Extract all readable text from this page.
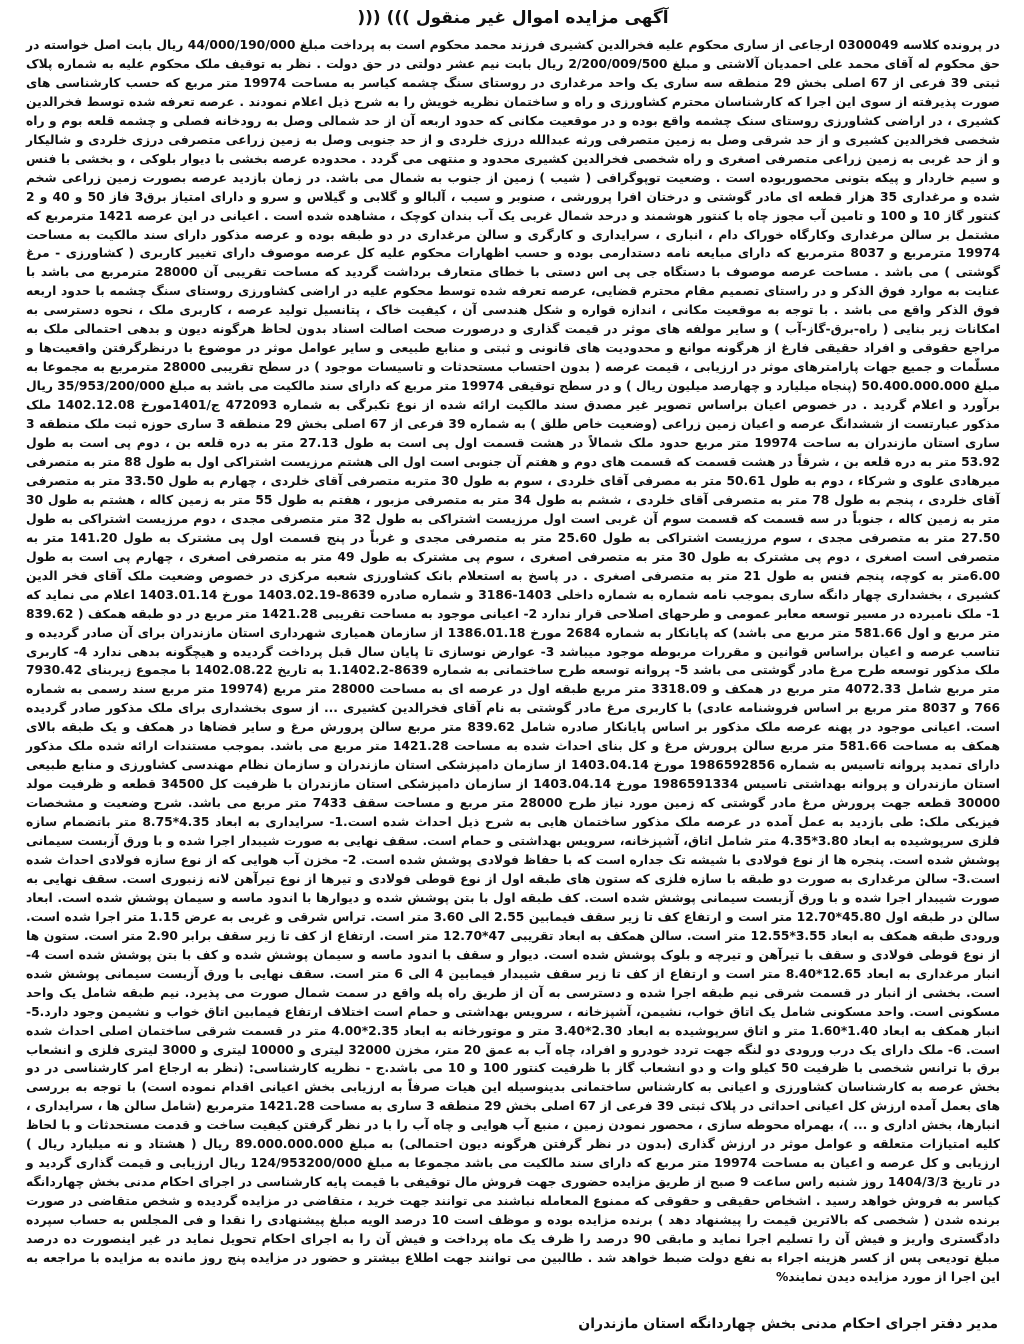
آگهی مزایده اموال غیر منقول ))) (((

در پرونده کلاسه 0300049 ارجاعی از ساری محکوم علیه فخرالدین کشیری فرزند محمد محکوم است به پرداخت مبلغ 44/000/190/000 ریال بابت اصل خواسته در حق محکوم له آقای محمد علی احمدیان آلاشتی و مبلغ 2/200/009/500 ریال بابت نیم عشر دولتی در حق دولت . نظر به توقیف ملک محکوم علیه به شماره پلاک ثبتی 39 فرعی از 67 اصلی بخش 29 منطقه سه ساری یک واحد مرغداری در روستای سنگ چشمه کیاسر به مساحت 19974 متر مربع که حسب کارشناسی های صورت پذیرفته از سوی این اجرا که کارشناسان محترم کشاورزی و راه و ساختمان نظریه خویش را به شرح ذیل اعلام نمودند . عرصه تعرفه شده توسط فخرالدین کشیری ، در اراضی کشاورزی روستای سنک چشمه واقع بوده و در موقعیت مکانی که حدود اربعه آن از حد شمالی وصل به رودخانه فصلی و چشمه قلعه بوم و راه شخصی فخرالدین کشیری و از حد شرقی وصل به زمین متصرفی ورثه عبدالله درزی خلردی و از حد جنوبی وصل به زمین زراعی متصرفی درزی خلردی و شالیکار و از حد غربی به زمین زراعی متصرفی اصغری و راه شخصی فخرالدین کشیری محدود و منتهی می گردد . محدوده عرصه بخشی با دیوار بلوکی ، و بخشی با فنس و سیم خاردار و پیکه بتونی محصوربوده است . وضعیت توپوگرافی ( شیب ) زمین از جنوب به شمال می باشد. در زمان بازدید عرصه بصورت زمین زراعی شخم شده و مرغداری 35 هزار قطعه ای مادر گوشتی و درختان افرا پرورشی ، صنوبر و سیب ، آلبالو و گلابی و گیلاس و سرو و دارای امتیاز برق3 فاز 50 و 40 و 2 کنتور گاز 10 و 100 و تامین آب مجوز چاه با کنتور هوشمند و درحد شمال غربی یک آب بندان کوچک ، مشاهده شده است . اعیانی در این عرصه 1421 مترمربع که مشتمل بر سالن مرغداری وکارگاه خوراک دام ، انباری ، سرایداری و کارگری و سالن مرغداری در دو طبقه بوده و عرصه مذکور دارای سند مالکیت به مساحت 19974 مترمربع و 8037 مترمربع که دارای مبایعه نامه دستدارمی بوده و حسب اظهارات محکوم علیه کل عرصه موصوف دارای تغییر کاربری ( کشاورزی - مرغ گوشتی ) می باشد . مساحت عرصه موصوف با دستگاه جی پی اس دستی با خطای متعارف برداشت گردید که مساحت تقریبی آن 28000 مترمربع می باشد با عنایت به موارد فوق الذکر و در راستای تصمیم مقام محترم قضایی، عرصه تعرفه شده توسط محکوم علیه در اراضی کشاورزی روستای سنگ چشمه با حدود اربعه فوق الذکر واقع می باشد . با توجه به موقعیت مکانی ، اندازه قواره و شکل هندسی آن ، کیفیت خاک ، پتانسیل تولید عرصه ، کاربری ملک ، نحوه دسترسی به امکانات زیر بنایی ( راه-برق-گاز-آب ) و سایر مولفه های موثر در قیمت گذاری و درصورت صحت اصالت اسناد بدون لحاظ هرگونه دیون و بدهی احتمالی ملک به مراجع حقوقی و افراد حقیقی فارغ از هرگونه موانع و محدودیت های قانونی و ثبتی و منابع طبیعی و سایر عوامل موثر در موضوع با درنظرگرفتن واقعیت‌ها و مسلّمات و جمیع جهات پارامترهای موثر در ارزیابی ، قیمت عرصه ( بدون احتساب مستحدثات و تاسیسات موجود ) در سطح تقریبی 28000 مترمربع به مجموعا به مبلغ 50.400.000.000 (پنجاه میلیارد و چهارصد میلیون ریال ) و در سطح توقیفی 19974 متر مربع که دارای سند مالکیت می باشد به مبلغ 35/953/200/000 ریال برآورد و اعلام گردید . در خصوص اعیان براساس تصویر غیر مصدق سند مالکیت ارائه شده از نوع تکبرگی به شماره 472093 ج/1401مورخ 1402.12.08 ملک مذکور عبارتست از ششدانگ عرصه و اعیان زمین زراعی (وضعیت خاص طلق ) به شماره 39 فرعی از 67 اصلی بخش 29 منطقه 3 ساری حوزه ثبت ملک منطقه 3 ساری استان مازندران به ساحت 19974 متر مربع حدود ملک شمالاً در هشت قسمت اول پی است به طول 27.13 متر به دره قلعه بن ، دوم پی است به طول 53.92 متر به دره قلعه بن ، شرقاً در هشت قسمت که قسمت های دوم و هفتم آن جنوبی است اول الی هشتم مرزیست اشتراکی اول به طول 88 متر به متصرفی میرهادی علوی و شرکاء ، دوم به طول 50.61 متر به مصرفی آقای خلردی ، سوم به طول 30 متربه متصرفی آقای خلردی ، چهارم به طول 33.50 متر به متصرفی آقای خلردی ، پنجم به طول 78 متر به متصرفی آقای خلردی ، ششم به طول 34 متر به متصرفی مزبور ، هفتم به طول 55 متر به زمین کاله ، هشتم به طول 30 متر به زمین کاله ، جنوباً در سه قسمت که قسمت سوم آن غربی است اول مرزیست اشتراکی به طول 32 متر متصرفی مجدی ، دوم مرزیست اشتراکی به طول 27.50 متر به متصرفی مجدی ، سوم مرزیست اشتراکی به طول 25.60 متر به متصرفی مجدی و غرباً در پنج قسمت اول پی مشترک به طول 141.20 متر به متصرفی است اصغری ، دوم پی مشترک به طول 30 متر به متصرفی اصغری ، سوم پی مشترک به طول 49 متر به متصرفی اصغری ، چهارم پی است به طول 6.00متر به کوچه، پنجم فنس به طول 21 متر به متصرفی اصغری . در پاسخ به استعلام بانک کشاورزی شعبه مرکزی در خصوص وضعیت ملک آقای فخر الدین کشیری ، بخشداری چهار دانگه ساری بموجب نامه شماره به شماره داخلی 1403-3186 و شماره صادره 8639-1403.02.19 مورخ 1403.01.14 اعلام می نماید که 1- ملک نامبرده در مسیر توسعه معابر عمومی و طرحهای اصلاحی قرار ندارد 2- اعیانی موجود به مساحت تقریبی 1421.28 متر مربع در دو طبقه همکف ( 839.62 متر مربع و اول 581.66 متر مربع می باشد) که پایانکار به شماره 2684 مورخ 1386.01.18 از سازمان همیاری شهرداری استان مازندران برای آن صادر گردیده و تناسب عرصه و اعیان براساس قوانین و مقررات مربوطه موجود میباشد 3- عوارض نوسازی تا پایان سال قبل پرداخت گردیده و هیچگونه بدهی ندارد 4- کاربری ملک مذکور توسعه طرح مرغ مادر گوشتی می باشد 5- پروانه توسعه طرح ساختمانی به شماره 8639-1.1402.2 به تاریخ 1402.08.22 با مجموع زیربنای 7930.42 متر مربع شامل 4072.33 متر مربع در همکف و 3318.09 متر مربع طبقه اول در عرصه ای به مساحت 28000 متر مربع (19974 متر مربع سند رسمی به شماره 766 و 8037 متر مربع بر اساس فروشنامه عادی) با کاربری مرغ مادر گوشتی به نام آقای فخرالدین کشیری ... از سوی بخشداری برای ملک مذکور صادر گردیده است. اعیانی موجود در پهنه عرصه ملک مذکور بر اساس پایانکار صادره شامل 839.62 متر مربع سالن پرورش مرغ و سایر فضاها در همکف و یک طبقه بالای همکف به مساحت 581.66 متر مربع سالن پرورش مرغ و کل بنای احداث شده به مساحت 1421.28 متر مربع می باشد. بموجب مستندات ارائه شده ملک مذکور دارای تمدید پروانه تاسیس به شماره 1986592856 مورخ 1403.04.14 از سازمان دامپزشکی استان مازندران و سازمان نظام مهندسی کشاورزی و منابع طبیعی استان مازندران و پروانه بهداشتی تاسیس 1986591334 مورخ 1403.04.14 از سازمان دامپزشکی استان مازندران با ظرفیت کل 34500 قطعه و ظرفیت مولد 30000 قطعه جهت پرورش مرغ مادر گوشتی که زمین مورد نیاز طرح 28000 متر مربع و مساحت سقف 7433 متر مربع می باشد. شرح وضعیت و مشخصات فیزیکی ملک: طی بازدید به عمل آمده در عرصه ملک مذکور ساختمان هایی به شرح ذیل احداث شده است.1- سرایداری به ابعاد 4.35*8.75 متر باتضمام سازه فلزی سرپوشیده به ابعاد 3.80*4.35 متر شامل اتاق، آشپزخانه، سرویس بهداشتی و حمام است. سقف نهایی به صورت شیبدار اجرا شده و با ورق آزبست سیمانی پوشش شده است. پنجره ها از نوع فولادی با شیشه تک جداره است که با حفاظ فولادی پوشش شده است. 2- مخزن آب هوایی که از نوع سازه فولادی احداث شده است.3- سالن مرغداری به صورت دو طبقه با سازه فلزی که ستون های طبقه اول از نوع قوطی فولادی و تیرها از نوع تیرآهن لانه زنبوری است. سقف نهایی به صورت شیبدار اجرا شده و با ورق آزبست سیمانی پوشش شده است. کف طبقه اول با بتن پوشش شده و دیوارها با اندود ماسه و سیمان پوشش شده است. ابعاد سالن در طبقه اول 45.80*12.70 متر است و ارتفاع کف تا زیر سقف فیمابین 2.55 الی 3.60 متر است. تراس شرقی و غربی به عرض 1.15 متر اجرا شده است. ورودی طبقه همکف به ابعاد 3.55*12.55 متر است. سالن همکف به ابعاد تقریبی 47*12.70 متر است. ارتفاع از کف تا زیر سقف برابر 2.90 متر است. ستون ها از نوع قوطی فولادی و سقف با تیرآهن و تیرچه و بلوک پوشش شده است. دیوار و سقف با اندود ماسه و سیمان پوشش شده و کف با بتن پوشش شده است 4- انبار مرغداری به ابعاد 12.65*8.40 متر است و ارتفاع از کف تا زیر سقف شیبدار فیمابین 4 الی 6 متر است. سقف نهایی با ورق آزبست سیمانی پوشش شده است. بخشی از انبار در قسمت شرقی نیم طبقه اجرا شده و دسترسی به آن از طریق راه پله واقع در سمت شمال صورت می پذیرد. نیم طبقه شامل یک واحد مسکونی است. واحد مسکونی شامل یک اتاق خواب، نشیمن، آشپزخانه ، سرویس بهداشتی و حمام است اختلاف ارتفاع فیمابین اتاق خواب و نشیمن وجود دارد.5- انبار همکف به ابعاد 1.40*1.60 متر و اتاق سرپوشیده به ابعاد 2.30*3.40 متر و موتورخانه به ابعاد 2.35*4.00 متر در قسمت شرقی ساختمان اصلی احداث شده است. 6- ملک دارای یک درب ورودی دو لنگه جهت تردد خودرو و افراد، چاه آب به عمق 20 متر، مخزن 32000 لیتری و 10000 لیتری و 3000 لیتری فلزی و انشعاب برق با ترانس شخصی با ظرفیت 50 کیلو وات و دو انشعاب گاز با ظرفیت کنتور 100 و 10 می باشد.ج - نظریه کارشناسی: (نظر به ارجاع امر کارشناسی در دو بخش عرصه به کارشناسان کشاورزی و اعیانی به کارشناس ساختمانی بدینوسیله این هیات صرفاً به ارزیابی بخش اعیانی اقدام نموده است) با توجه به بررسی های بعمل آمده ارزش کل اعیانی احداثی در پلاک ثبتی 39 فرعی از 67 اصلی بخش 29 منطقه 3 ساری به مساحت 1421.28 مترمربع (شامل سالن ها ، سرایداری ، انبارها، بخش اداری و ... )، بهمراه محوطه سازی ، محصور نمودن زمین ، منبع آب هوایی و چاه آب را با در نظر گرفتن کیفیت ساخت و قدمت مستحدثات و با لحاظ کلیه امتیازات متعلقه و عوامل موثر در ارزش گذاری (بدون در نظر گرفتن هرگونه دیون احتمالی) به مبلغ 89.000.000.000 ریال ( هشتاد و نه میلیارد ریال ) ارزیابی و کل عرصه و اعیان به مساحت 19974 متر مربع که دارای سند مالکیت می باشد مجموعا به مبلغ 124/953200/000 ریال ارزیابی و قیمت گذاری گردید و در تاریخ 1404/3/3 روز شنبه راس ساعت 9 صبح از طریق مزایده حضوری جهت فروش مال توقیفی با قیمت پایه کارشناسی در اجرای احکام مدنی بخش چهاردانگه کیاسر به فروش خواهد رسید . اشخاص حقیقی و حقوقی که ممنوع المعامله نباشند می توانند جهت خرید ، متقاضی در مزایده گردیده و شخص متقاضی در صورت برنده شدن ( شخصی که بالاترین قیمت را پیشنهاد دهد ) برنده مزایده بوده و موظف است 10 درصد الویه مبلغ پیشنهادی را نقدا و فی المجلس به حساب سپرده دادگستری واریز و فیش آن را تسلیم اجرا نماید و مابقی 90 درصد را ظرف یک ماه پرداخت و فیش آن را به اجرای احکام تحویل نماید در غیر اینصورت ده درصد مبلغ تودیعی پس از کسر هزینه اجراء به نفع دولت ضبط خواهد شد . طالبین می توانند جهت اطلاع بیشتر و حضور در مزایده پنج روز مانده به مزایده با مراجعه به این اجرا از مورد مزایده دیدن نمایند%

مدیر دفتر اجرای احکام مدنی بخش چهاردانگه استان مازندران
